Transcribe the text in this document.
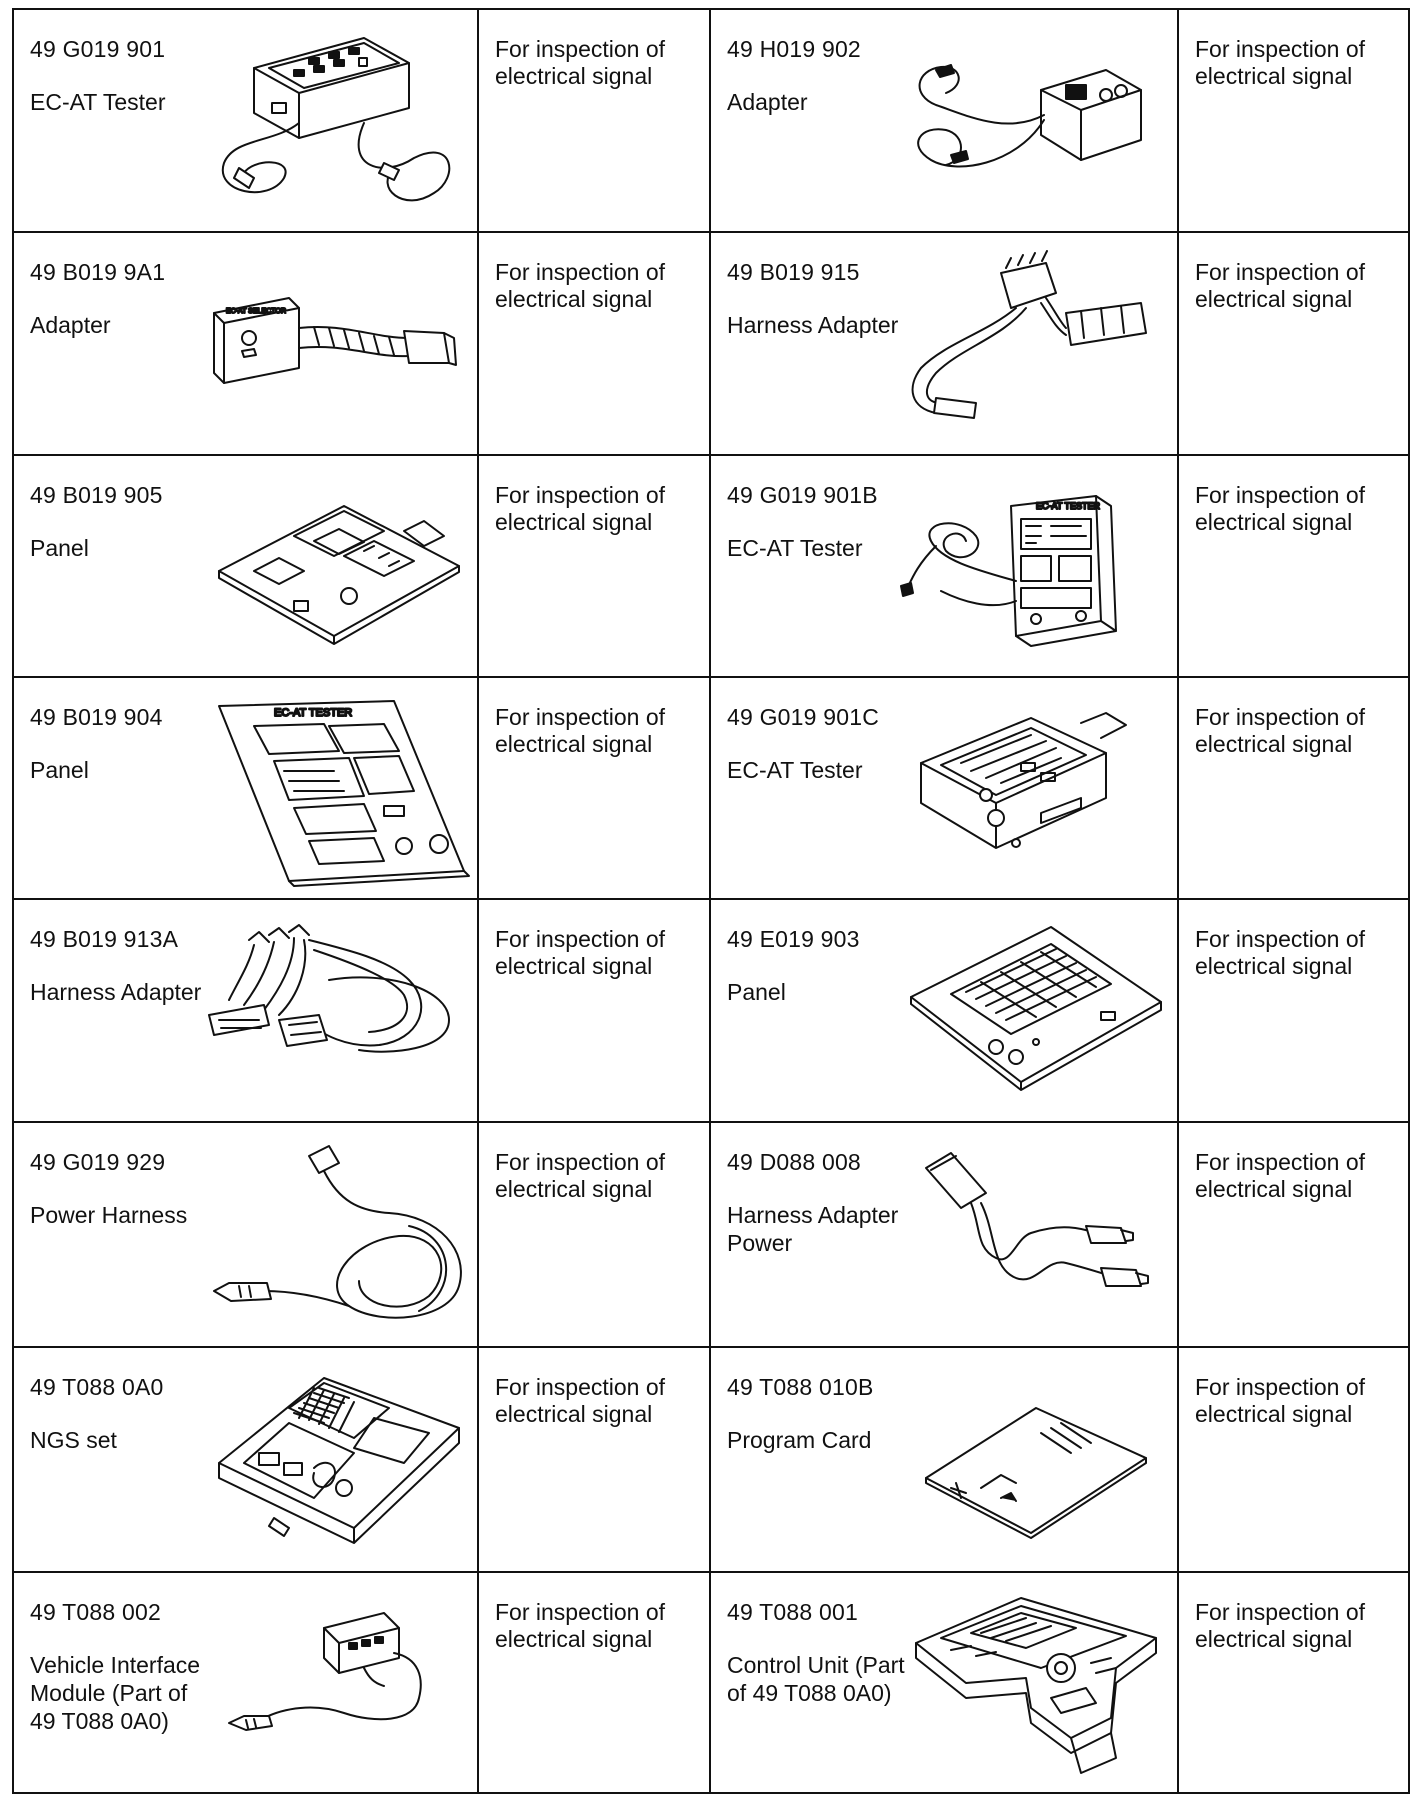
49 G019 901
EC-AT Tester
For inspection of electrical signal
49 H019 902
Adapter
For inspection of electrical signal
49 B019 9A1
Adapter
EC-AT SELECTOR
For inspection of electrical signal
49 B019 915
Harness Adapter
For inspection of electrical signal
49 B019 905
Panel
For inspection of electrical signal
49 G019 901B
EC-AT Tester
EC-AT TESTER	For inspection of electrical signal
49 B019 904
Panel
EC-AT TESTER	For inspection of electrical signal
49 G019 901C
EC-AT Tester
For inspection of electrical signal
49 B019 913A
Harness Adapter
For inspection of electrical signal
49 E019 903
Panel
For inspection of electrical signal
49 G019 929
Power Harness
For inspection of electrical signal
49 D088 008
Harness Adapter Power
For inspection of electrical signal
49 T088 0A0
NGS set
For inspection of electrical signal
49 T088 010B
Program Card
For inspection of electrical signal
49 T088 002
Vehicle Interface Module (Part of 49 T088 0A0)
For inspection of electrical signal
49 T088 001
Control Unit (Part of 49 T088 0A0)
For inspection of electrical signal
